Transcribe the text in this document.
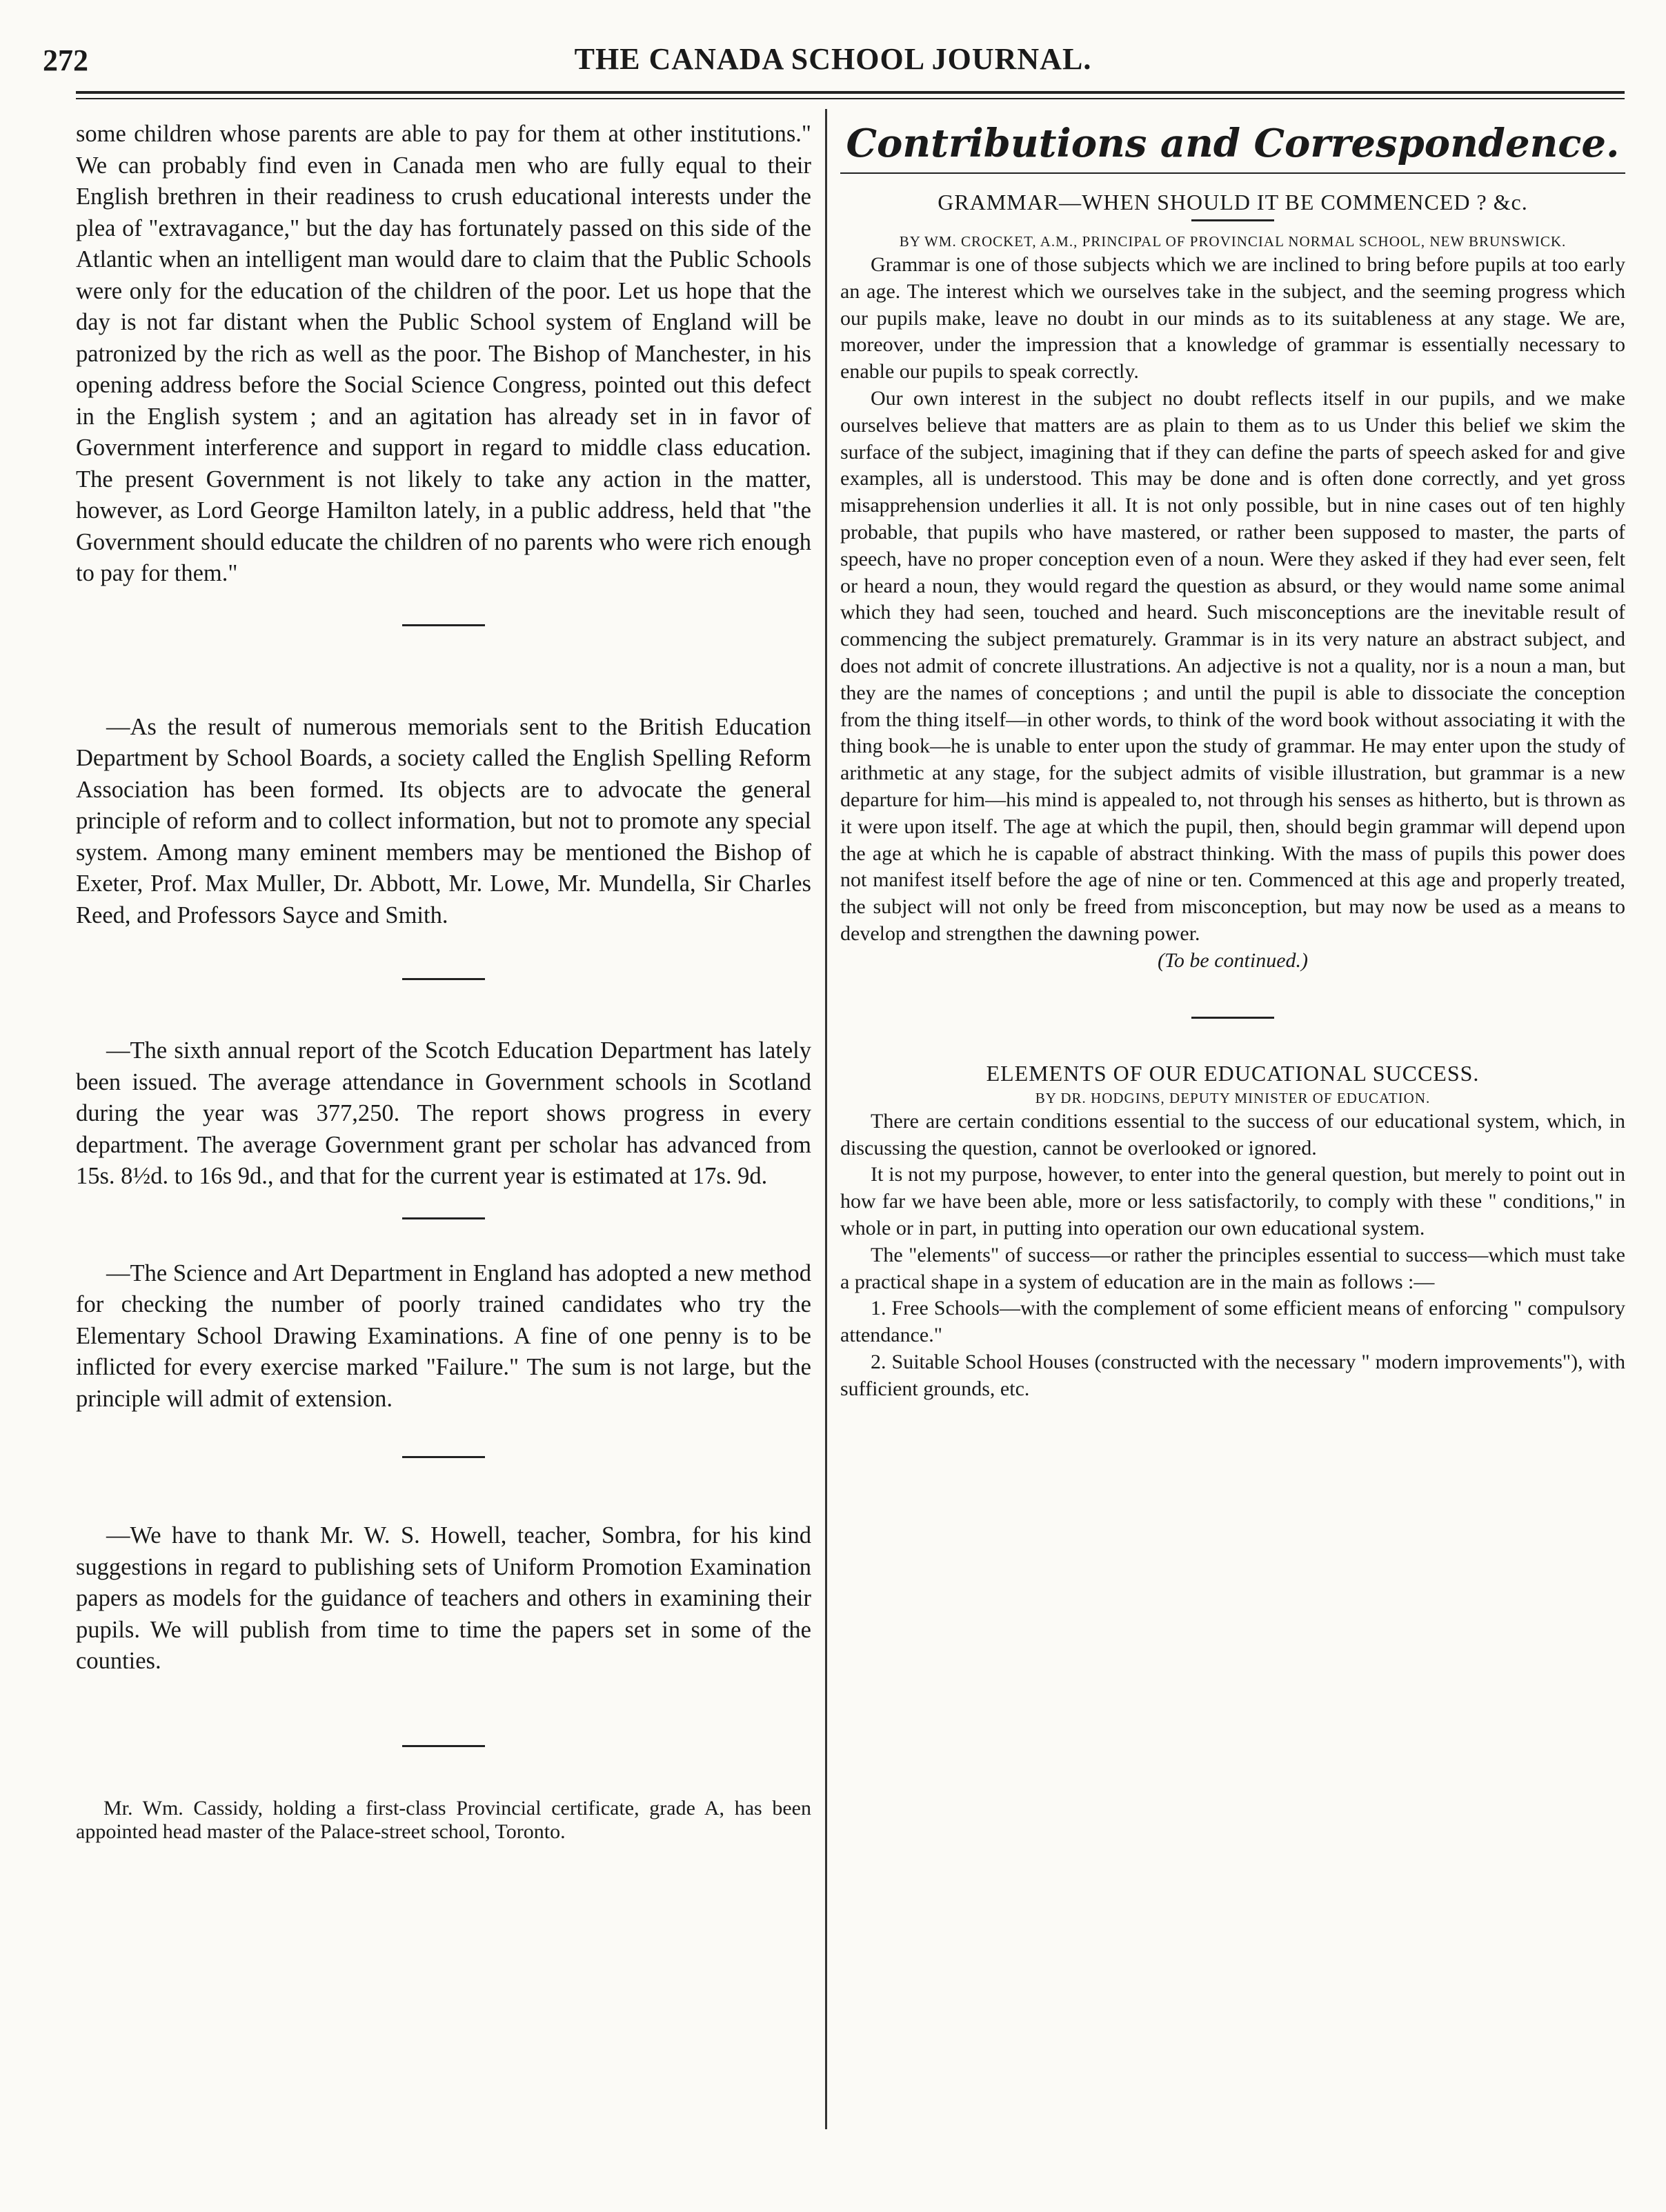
272	THE CANADA SCHOOL JOURNAL.

some children whose parents are able to pay for them at other institutions." We can probably find even in Canada men who are fully equal to their English brethren in their readiness to crush educational interests under the plea of "extravagance," but the day has fortunately passed on this side of the Atlantic when an intelligent man would dare to claim that the Public Schools were only for the education of the children of the poor. Let us hope that the day is not far distant when the Public School system of England will be patronized by the rich as well as the poor. The Bishop of Manchester, in his opening address before the Social Science Congress, pointed out this defect in the English system ; and an agitation has already set in in favor of Government interference and support in regard to middle class education. The present Government is not likely to take any action in the matter, however, as Lord George Hamilton lately, in a public address, held that "the Government should educate the children of no parents who were rich enough to pay for them."

—As the result of numerous memorials sent to the British Education Department by School Boards, a society called the English Spelling Reform Association has been formed. Its objects are to advocate the general principle of reform and to collect information, but not to promote any special system. Among many eminent members may be mentioned the Bishop of Exeter, Prof. Max Muller, Dr. Abbott, Mr. Lowe, Mr. Mundella, Sir Charles Reed, and Professors Sayce and Smith.

—The sixth annual report of the Scotch Education Department has lately been issued. The average attendance in Government schools in Scotland during the year was 377,250. The report shows progress in every department. The average Government grant per scholar has advanced from 15s. 8½d. to 16s 9d., and that for the current year is estimated at 17s. 9d.

—The Science and Art Department in England has adopted a new method for checking the number of poorly trained candidates who try the Elementary School Drawing Examinations. A fine of one penny is to be inflicted for every exercise marked "Failure." The sum is not large, but the principle will admit of extension.

—We have to thank Mr. W. S. Howell, teacher, Sombra, for his kind suggestions in regard to publishing sets of Uniform Promotion Examination papers as models for the guidance of teachers and others in examining their pupils. We will publish from time to time the papers set in some of the counties.

Mr. Wm. Cassidy, holding a first-class Provincial certificate, grade A, has been appointed head master of the Palace-street school, Toronto.

Contributions and Correspondence.

GRAMMAR—WHEN SHOULD IT BE COMMENCED ? &c.

BY WM. CROCKET, A.M., PRINCIPAL OF PROVINCIAL NORMAL SCHOOL, NEW BRUNSWICK.

Grammar is one of those subjects which we are inclined to bring before pupils at too early an age. The interest which we ourselves take in the subject, and the seeming progress which our pupils make, leave no doubt in our minds as to its suitableness at any stage. We are, moreover, under the impression that a knowledge of grammar is essentially necessary to enable our pupils to speak correctly.

Our own interest in the subject no doubt reflects itself in our pupils, and we make ourselves believe that matters are as plain to them as to us Under this belief we skim the surface of the subject, imagining that if they can define the parts of speech asked for and give examples, all is understood. This may be done and is often done correctly, and yet gross misapprehension underlies it all. It is not only possible, but in nine cases out of ten highly probable, that pupils who have mastered, or rather been supposed to master, the parts of speech, have no proper conception even of a noun. Were they asked if they had ever seen, felt or heard a noun, they would regard the question as absurd, or they would name some animal which they had seen, touched and heard. Such misconceptions are the inevitable result of commencing the subject prematurely. Grammar is in its very nature an abstract subject, and does not admit of concrete illustrations. An adjective is not a quality, nor is a noun a man, but they are the names of conceptions ; and until the pupil is able to dissociate the conception from the thing itself—in other words, to think of the word book without associating it with the thing book—he is unable to enter upon the study of grammar. He may enter upon the study of arithmetic at any stage, for the subject admits of visible illustration, but grammar is a new departure for him—his mind is appealed to, not through his senses as hitherto, but is thrown as it were upon itself. The age at which the pupil, then, should begin grammar will depend upon the age at which he is capable of abstract thinking. With the mass of pupils this power does not manifest itself before the age of nine or ten. Commenced at this age and properly treated, the subject will not only be freed from misconception, but may now be used as a means to develop and strengthen the dawning power.

(To be continued.)

ELEMENTS OF OUR EDUCATIONAL SUCCESS.

BY DR. HODGINS, DEPUTY MINISTER OF EDUCATION.

There are certain conditions essential to the success of our educational system, which, in discussing the question, cannot be overlooked or ignored.

It is not my purpose, however, to enter into the general question, but merely to point out in how far we have been able, more or less satisfactorily, to comply with these " conditions," in whole or in part, in putting into operation our own educational system.

The "elements" of success—or rather the principles essential to success—which must take a practical shape in a system of education are in the main as follows :—

1. Free Schools—with the complement of some efficient means of enforcing " compulsory attendance."

2. Suitable School Houses (constructed with the necessary " modern improvements"), with sufficient grounds, etc.
